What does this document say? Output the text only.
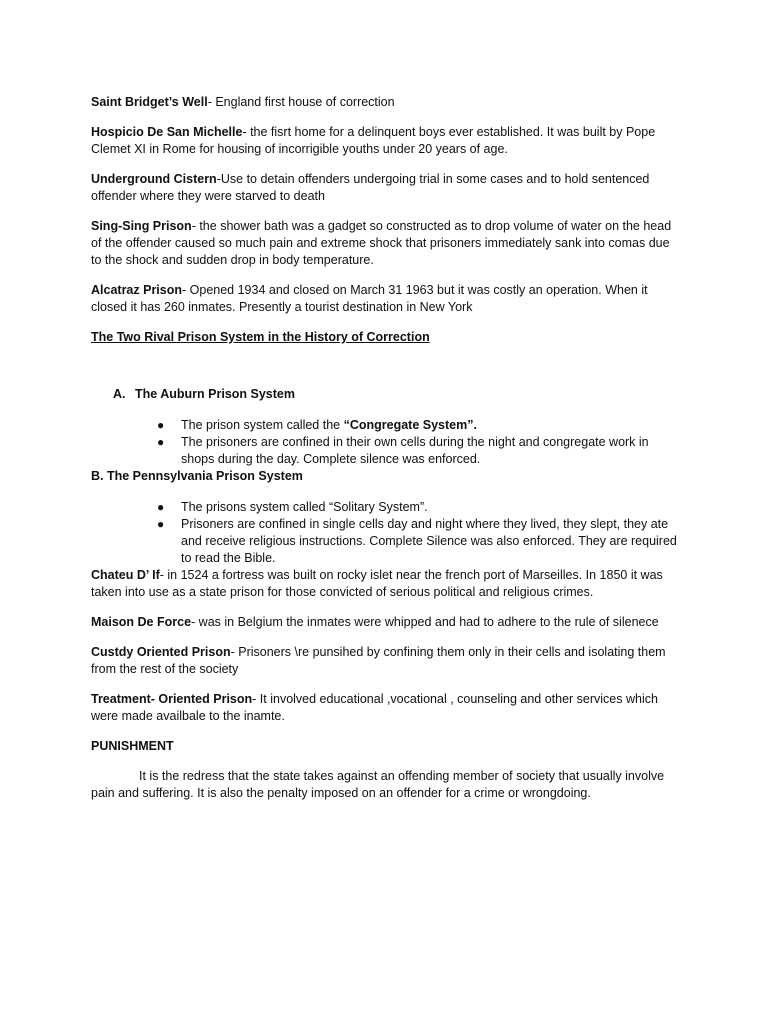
Saint Bridget’s Well- England first house of correction

Hospicio De San Michelle- the fisrt home for a delinquent boys ever established. It was built by Pope Clemet XI in Rome for housing of incorrigible youths under 20 years of age.

Underground Cistern-Use to detain offenders undergoing trial in some cases and to hold sentenced offender where they were starved to death

Sing-Sing Prison- the shower bath was a gadget so constructed as to drop volume of water on the head of the offender caused so much pain and extreme shock that prisoners immediately sank into comas due to the shock and sudden drop in body temperature.

Alcatraz Prison- Opened 1934 and closed on March 31 1963 but it was costly an operation. When it closed it has 260 inmates. Presently a tourist destination in New York

The Two Rival Prison System in the History of Correction

A. The Auburn Prison System
●	The prison system called the “Congregate System”.
●	The prisoners are confined in their own cells during the night and congregate work in shops during the day. Complete silence was enforced.

B. The Pennsylvania Prison System

●	The prisons system called “Solitary System”.
●	Prisoners are confined in single cells day and night where they lived, they slept, they ate and receive religious instructions. Complete Silence was also enforced. They are required to read the Bible.

Chateu D’ If- in 1524 a fortress was built on rocky islet near the french port of Marseilles. In 1850 it was taken into use as a state prison for those convicted of serious political and religious crimes.

Maison De Force- was in Belgium the inmates were whipped and had to adhere to the rule of silenece

Custdy Oriented Prison- Prisoners \re punsihed by confining them only in their cells and isolating them from the rest of the society

Treatment- Oriented Prison- It involved educational ,vocational , counseling and other services which were made availbale to the inamte.

PUNISHMENT

It is the redress that the state takes against an offending member of society that usually involve pain and suffering. It is also the penalty imposed on an offender for a crime or wrongdoing.
